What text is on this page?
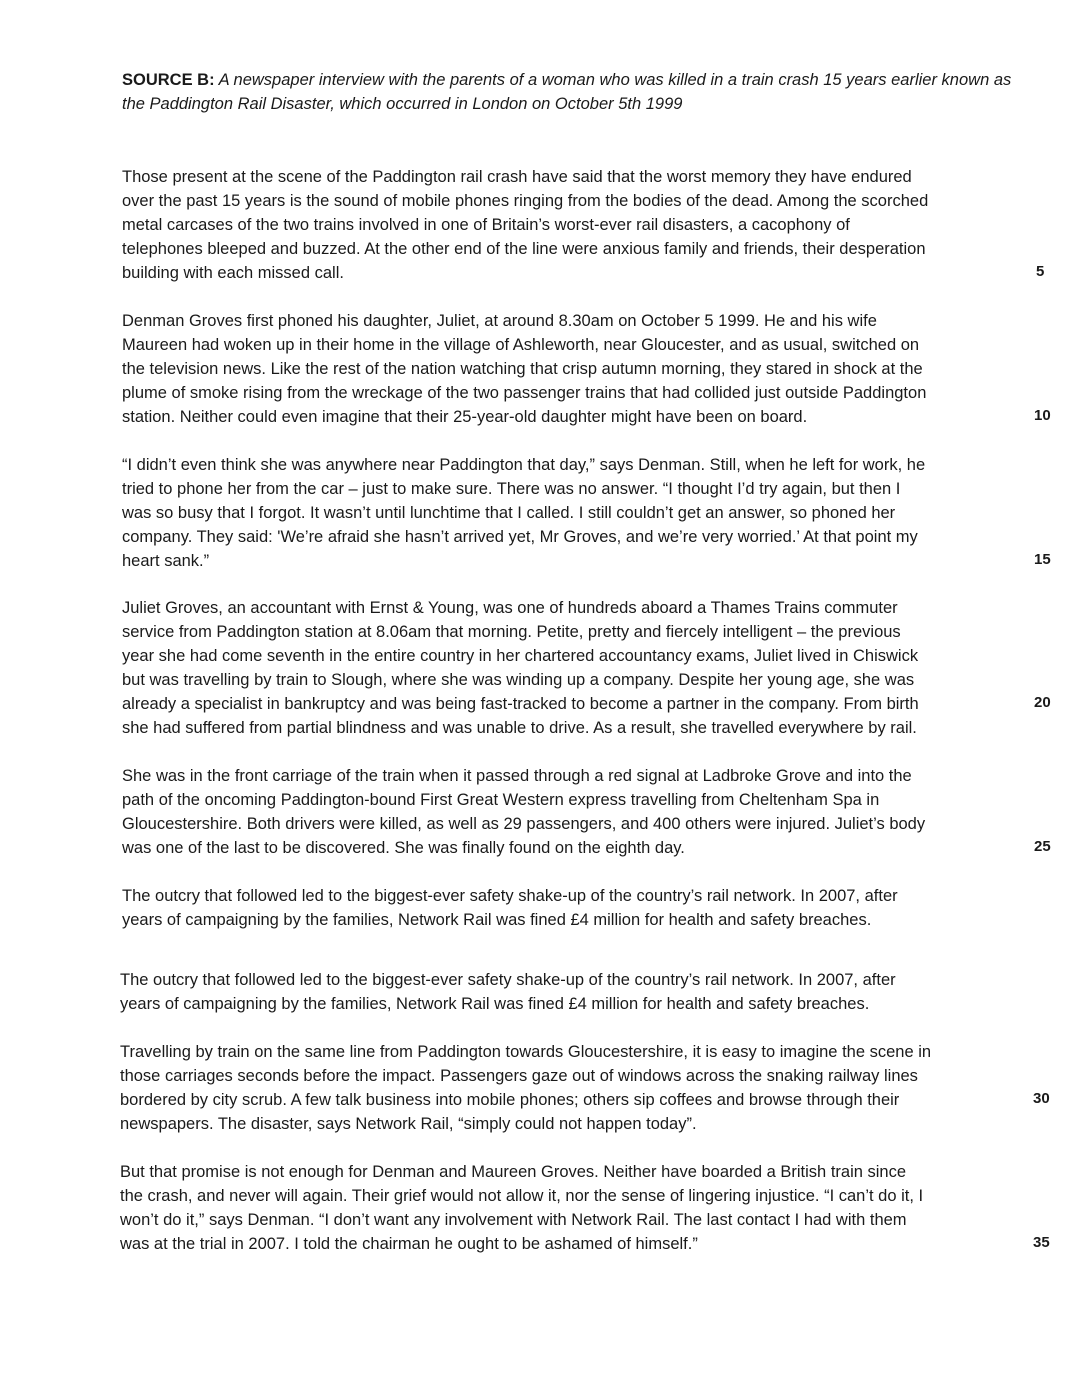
SOURCE B: A newspaper interview with the parents of a woman who was killed in a train crash 15 years earlier known as the Paddington Rail Disaster, which occurred in London on October 5th 1999

Those present at the scene of the Paddington rail crash have said that the worst memory they have endured
over the past 15 years is the sound of mobile phones ringing from the bodies of the dead. Among the scorched
metal carcases of the two trains involved in one of Britain’s worst-ever rail disasters, a cacophony of
telephones bleeped and buzzed. At the other end of the line were anxious family and friends, their desperation
building with each missed call.	5

Denman Groves first phoned his daughter, Juliet, at around 8.30am on October 5 1999. He and his wife
Maureen had woken up in their home in the village of Ashleworth, near Gloucester, and as usual, switched on
the television news. Like the rest of the nation watching that crisp autumn morning, they stared in shock at the
plume of smoke rising from the wreckage of the two passenger trains that had collided just outside Paddington
station. Neither could even imagine that their 25-year-old daughter might have been on board.	10

“I didn’t even think she was anywhere near Paddington that day,” says Denman. Still, when he left for work, he
tried to phone her from the car – just to make sure. There was no answer. “I thought I’d try again, but then I
was so busy that I forgot. It wasn’t until lunchtime that I called. I still couldn’t get an answer, so phoned her
company. They said: 'We’re afraid she hasn’t arrived yet, Mr Groves, and we’re very worried.’ At that point my
heart sank.”	15

Juliet Groves, an accountant with Ernst & Young, was one of hundreds aboard a Thames Trains commuter
service from Paddington station at 8.06am that morning. Petite, pretty and fiercely intelligent – the previous
year she had come seventh in the entire country in her chartered accountancy exams, Juliet lived in Chiswick
but was travelling by train to Slough, where she was winding up a company. Despite her young age, she was
already a specialist in bankruptcy and was being fast-tracked to become a partner in the company. From birth
she had suffered from partial blindness and was unable to drive. As a result, she travelled everywhere by rail.

20

She was in the front carriage of the train when it passed through a red signal at Ladbroke Grove and into the
path of the oncoming Paddington-bound First Great Western express travelling from Cheltenham Spa in
Gloucestershire. Both drivers were killed, as well as 29 passengers, and 400 others were injured. Juliet’s body
was one of the last to be discovered. She was finally found on the eighth day.	25

The outcry that followed led to the biggest-ever safety shake-up of the country’s rail network. In 2007, after
years of campaigning by the families, Network Rail was fined £4 million for health and safety breaches.

The outcry that followed led to the biggest-ever safety shake-up of the country’s rail network. In 2007, after
years of campaigning by the families, Network Rail was fined £4 million for health and safety breaches.

Travelling by train on the same line from Paddington towards Gloucestershire, it is easy to imagine the scene in
those carriages seconds before the impact. Passengers gaze out of windows across the snaking railway lines
bordered by city scrub. A few talk business into mobile phones; others sip coffees and browse through their
newspapers. The disaster, says Network Rail, “simply could not happen today”.

30

But that promise is not enough for Denman and Maureen Groves. Neither have boarded a British train since
the crash, and never will again. Their grief would not allow it, nor the sense of lingering injustice. “I can’t do it, I
won’t do it,” says Denman. “I don’t want any involvement with Network Rail. The last contact I had with them
was at the trial in 2007. I told the chairman he ought to be ashamed of himself.”	35
